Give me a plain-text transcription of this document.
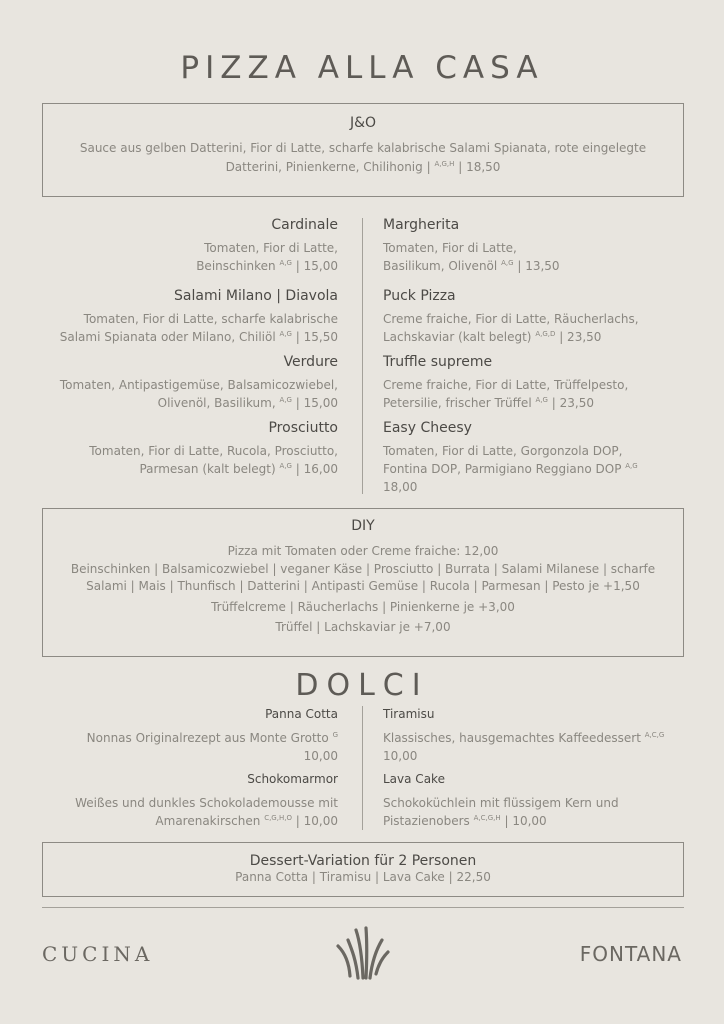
PIZZA ALLA CASA
J&O
Sauce aus gelben Datterini, Fior di Latte, scharfe kalabrische Salami Spianata, rote eingelegte
Datterini, Pinienkerne, Chilihonig | $^{A,G,H}$ | 18,50
Cardinale
Tomaten, Fior di Latte,
Beinschinken $^{A,G}$ | 15,00
Salami Milano | Diavola
Tomaten, Fior di Latte, scharfe kalabrische
Salami Spianata oder Milano, Chiliöl $^{A,G}$ | 15,50
Verdure
Tomaten, Antipastigemüse, Balsamicozwiebel,
Olivenöl, Basilikum, $^{A,G}$ | 15,00
Prosciutto
Tomaten, Fior di Latte, Rucola, Prosciutto,
Parmesan (kalt belegt) $^{A,G}$ | 16,00
Margherita
Tomaten, Fior di Latte,
Basilikum, Olivenöl $^{A,G}$ | 13,50
Puck Pizza
Creme fraiche, Fior di Latte, Räucherlachs,
Lachskaviar (kalt belegt) $^{A,G,D}$ | 23,50
Truffle supreme
Creme fraiche, Fior di Latte, Trüffelpesto,
Petersilie, frischer Trüffel $^{A,G}$ | 23,50
Easy Cheesy
Tomaten, Fior di Latte, Gorgonzola DOP,
Fontina DOP, Parmigiano Reggiano DOP $^{A,G}$
18,00
DIY
Pizza mit Tomaten oder Creme fraiche: 12,00
Beinschinken | Balsamicozwiebel | veganer Käse | Prosciutto | Burrata | Salami Milanese | scharfe
Salami | Mais | Thunfisch | Datterini | Antipasti Gemüse | Rucola | Parmesan | Pesto je +1,50
Trüffelcreme | Räucherlachs | Pinienkerne je +3,00
Trüffel | Lachskaviar je +7,00
DOLCI
Panna Cotta
Nonnas Originalrezept aus Monte Grotto $^G$
10,00
Schokomarmor
Weißes und dunkles Schokolademousse mit
Amarenakirschen $^{C,G,H,O}$ | 10,00
Tiramisu
Klassisches, hausgemachtes Kaffeedessert $^{A,C,G}$
10,00
Lava Cake
Schokoküchlein mit flüssigem Kern und
Pistazienobers $^{A,C,G,H}$ | 10,00
Dessert-Variation für 2 Personen
Panna Cotta | Tiramisu | Lava Cake | 22,50
CUCINA	FONTANA
